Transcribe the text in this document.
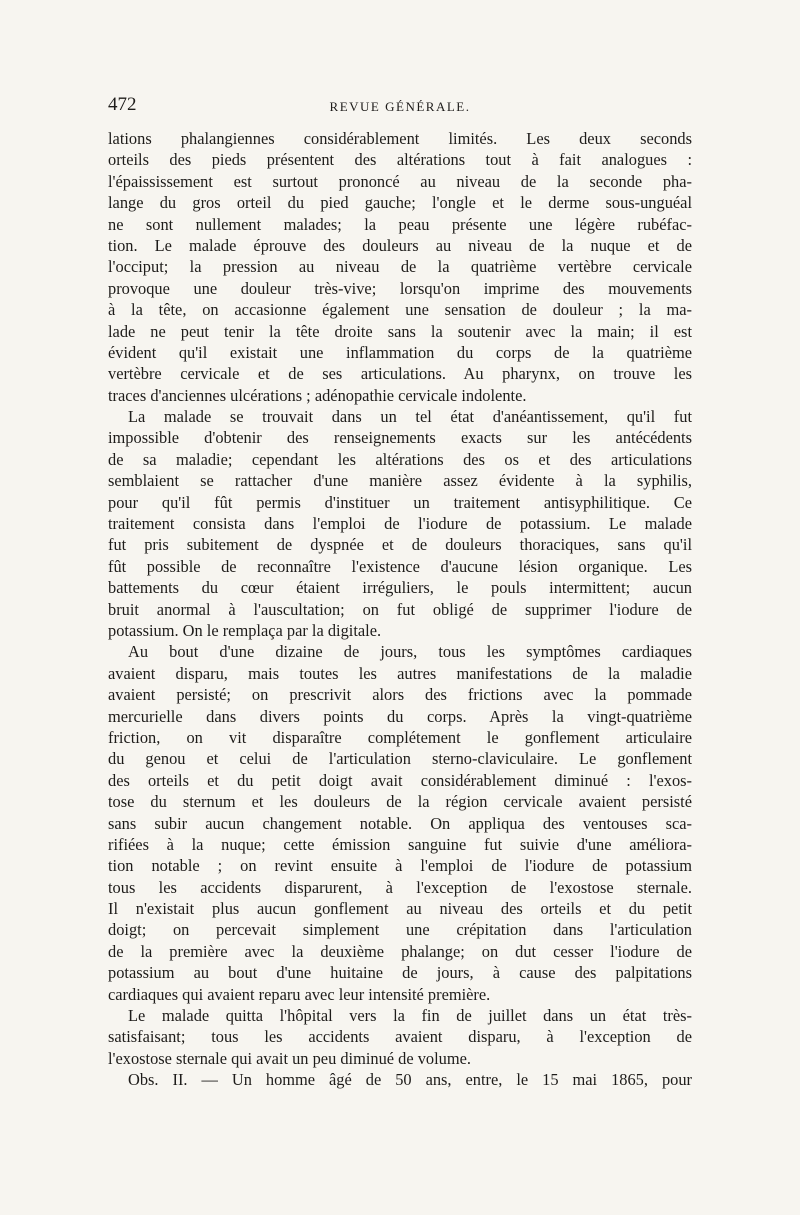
472	REVUE GÉNÉRALE.
lations phalangiennes considérablement limités. Les deux seconds
orteils des pieds présentent des altérations tout à fait analogues :
l'épaississement est surtout prononcé au niveau de la seconde pha-
lange du gros orteil du pied gauche; l'ongle et le derme sous-unguéal
ne sont nullement malades; la peau présente une légère rubéfac-
tion. Le malade éprouve des douleurs au niveau de la nuque et de
l'occiput; la pression au niveau de la quatrième vertèbre cervicale
provoque une douleur très-vive; lorsqu'on imprime des mouvements
à la tête, on accasionne également une sensation de douleur ; la ma-
lade ne peut tenir la tête droite sans la soutenir avec la main; il est
évident qu'il existait une inflammation du corps de la quatrième
vertèbre cervicale et de ses articulations. Au pharynx, on trouve les
traces d'anciennes ulcérations ; adénopathie cervicale indolente.
La malade se trouvait dans un tel état d'anéantissement, qu'il fut
impossible d'obtenir des renseignements exacts sur les antécédents
de sa maladie; cependant les altérations des os et des articulations
semblaient se rattacher d'une manière assez évidente à la syphilis,
pour qu'il fût permis d'instituer un traitement antisyphilitique. Ce
traitement consista dans l'emploi de l'iodure de potassium. Le malade
fut pris subitement de dyspnée et de douleurs thoraciques, sans qu'il
fût possible de reconnaître l'existence d'aucune lésion organique. Les
battements du cœur étaient irréguliers, le pouls intermittent; aucun
bruit anormal à l'auscultation; on fut obligé de supprimer l'iodure de
potassium. On le remplaça par la digitale.
Au bout d'une dizaine de jours, tous les symptômes cardiaques
avaient disparu, mais toutes les autres manifestations de la maladie
avaient persisté; on prescrivit alors des frictions avec la pommade
mercurielle dans divers points du corps. Après la vingt-quatrième
friction, on vit disparaître complétement le gonflement articulaire
du genou et celui de l'articulation sterno-claviculaire. Le gonflement
des orteils et du petit doigt avait considérablement diminué : l'exos-
tose du sternum et les douleurs de la région cervicale avaient persisté
sans subir aucun changement notable. On appliqua des ventouses sca-
rifiées à la nuque; cette émission sanguine fut suivie d'une améliora-
tion notable ; on revint ensuite à l'emploi de l'iodure de potassium
tous les accidents disparurent, à l'exception de l'exostose sternale.
Il n'existait plus aucun gonflement au niveau des orteils et du petit
doigt; on percevait simplement une crépitation dans l'articulation
de la première avec la deuxième phalange; on dut cesser l'iodure de
potassium au bout d'une huitaine de jours, à cause des palpitations
cardiaques qui avaient reparu avec leur intensité première.
Le malade quitta l'hôpital vers la fin de juillet dans un état très-
satisfaisant; tous les accidents avaient disparu, à l'exception de
l'exostose sternale qui avait un peu diminué de volume.
Obs. II. — Un homme âgé de 50 ans, entre, le 15 mai 1865, pour
